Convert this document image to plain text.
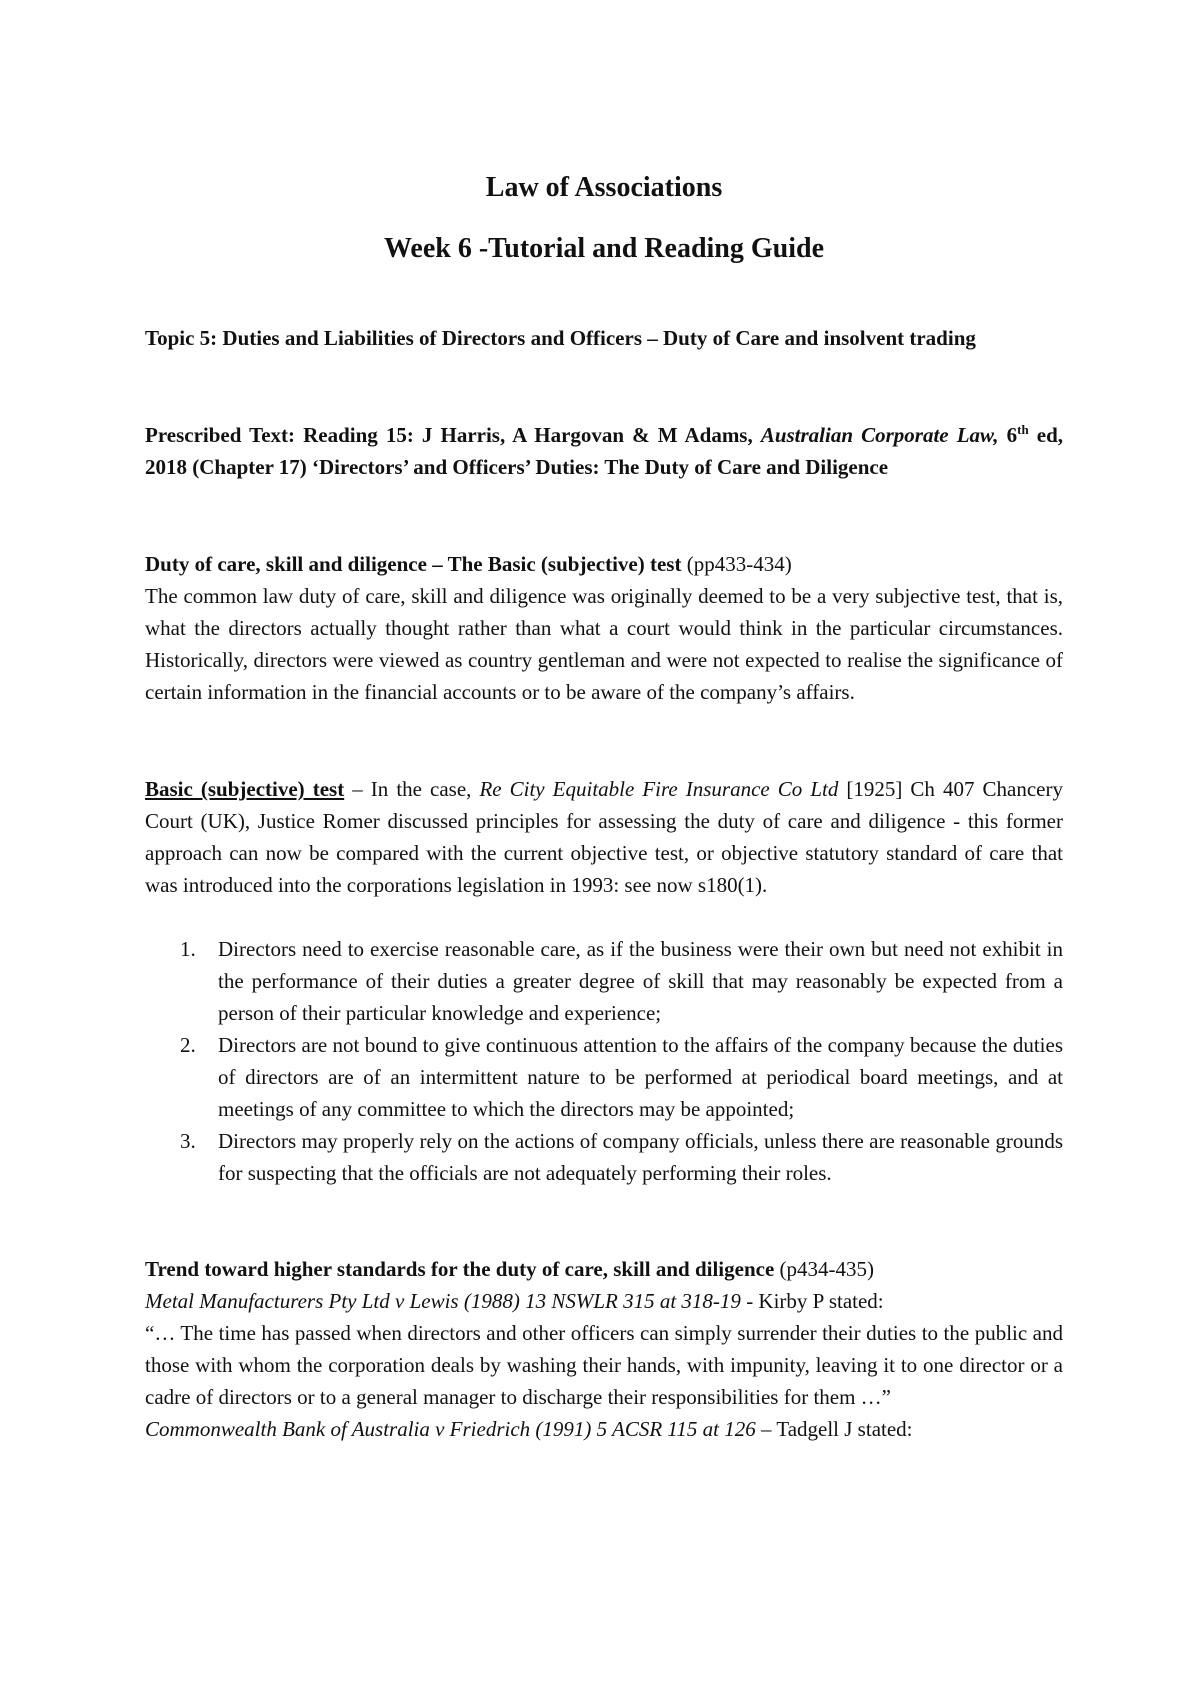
Law of Associations
Week 6 -Tutorial and Reading Guide

Topic 5: Duties and Liabilities of Directors and Officers – Duty of Care and insolvent trading

Prescribed Text: Reading 15: J Harris, A Hargovan & M Adams, Australian Corporate Law, 6th ed, 2018 (Chapter 17) ‘Directors’ and Officers’ Duties: The Duty of Care and Diligence

Duty of care, skill and diligence – The Basic (subjective) test (pp433-434)
The common law duty of care, skill and diligence was originally deemed to be a very subjective test, that is, what the directors actually thought rather than what a court would think in the particular circumstances. Historically, directors were viewed as country gentleman and were not expected to realise the significance of certain information in the financial accounts or to be aware of the company’s affairs.

Basic (subjective) test – In the case, Re City Equitable Fire Insurance Co Ltd [1925] Ch 407 Chancery Court (UK), Justice Romer discussed principles for assessing the duty of care and diligence - this former approach can now be compared with the current objective test, or objective statutory standard of care that was introduced into the corporations legislation in 1993: see now s180(1).

1. Directors need to exercise reasonable care, as if the business were their own but need not exhibit in the performance of their duties a greater degree of skill that may reasonably be expected from a person of their particular knowledge and experience;
2. Directors are not bound to give continuous attention to the affairs of the company because the duties of directors are of an intermittent nature to be performed at periodical board meetings, and at meetings of any committee to which the directors may be appointed;
3. Directors may properly rely on the actions of company officials, unless there are reasonable grounds for suspecting that the officials are not adequately performing their roles.

Trend toward higher standards for the duty of care, skill and diligence (p434-435)
Metal Manufacturers Pty Ltd v Lewis (1988) 13 NSWLR 315 at 318-19 - Kirby P stated:
“… The time has passed when directors and other officers can simply surrender their duties to the public and those with whom the corporation deals by washing their hands, with impunity, leaving it to one director or a cadre of directors or to a general manager to discharge their responsibilities for them …”
Commonwealth Bank of Australia v Friedrich (1991) 5 ACSR 115 at 126 – Tadgell J stated:
